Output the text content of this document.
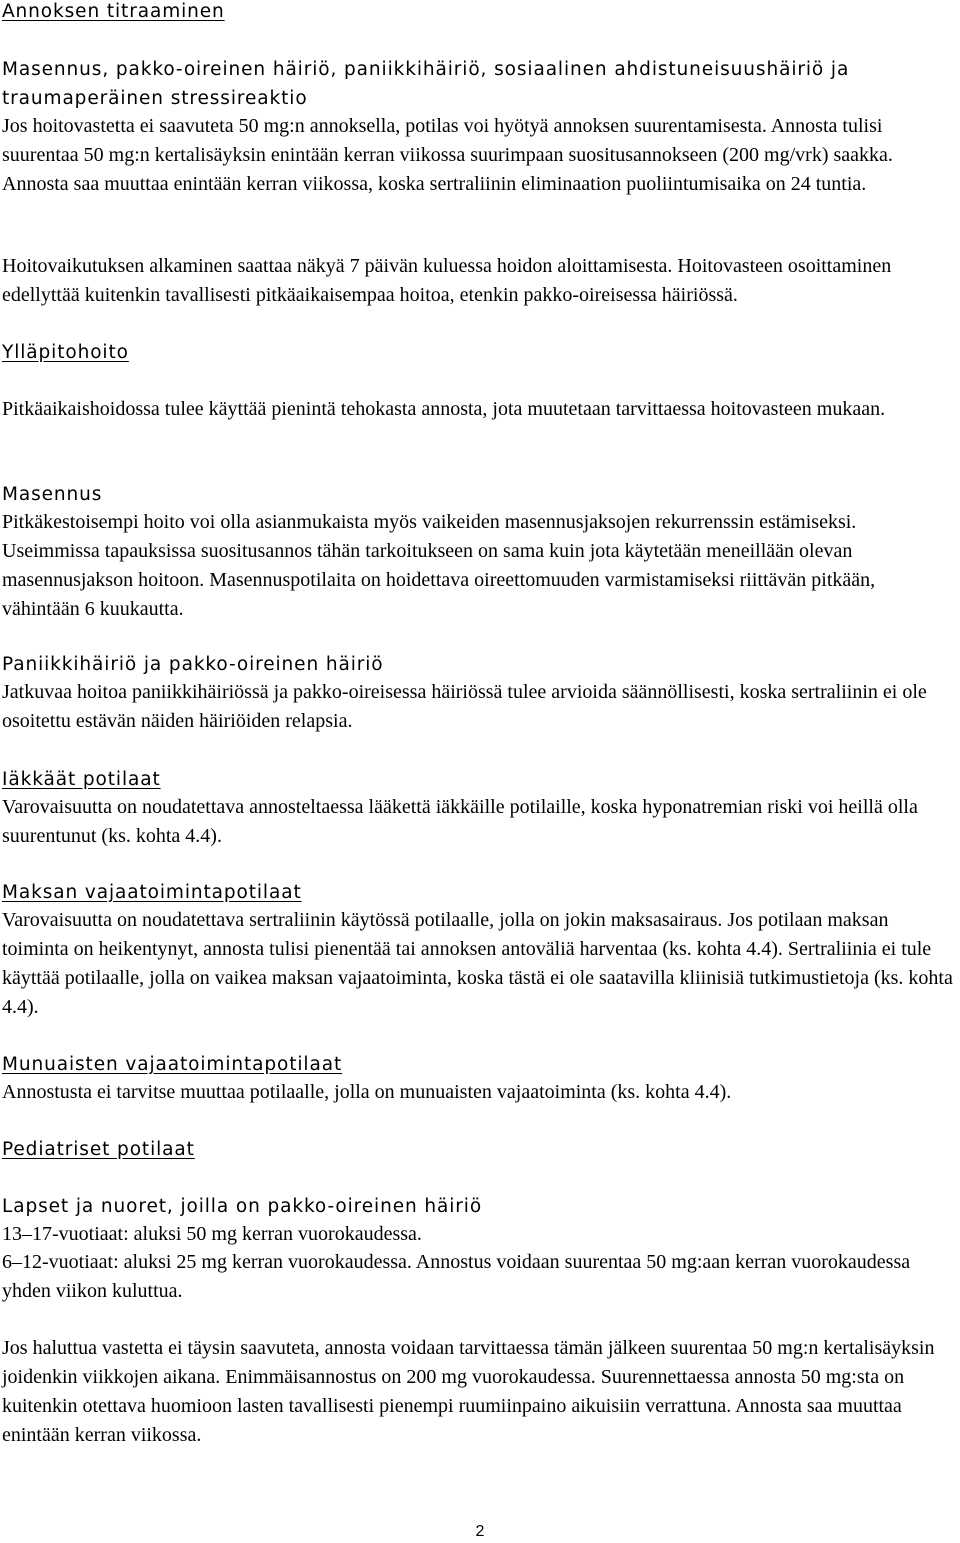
Annoksen titraaminen
Masennus, pakko-oireinen häiriö, paniikkihäiriö, sosiaalinen ahdistuneisuushäiriö ja traumaperäinen stressireaktio

Jos hoitovastetta ei saavuteta 50 mg:n annoksella, potilas voi hyötyä annoksen suurentamisesta. Annosta tulisi suurentaa 50 mg:n kertalisäyksin enintään kerran viikossa suurimpaan suositusannokseen (200 mg/vrk) saakka. Annosta saa muuttaa enintään kerran viikossa, koska sertraliinin eliminaation puoliintumisaika on 24 tuntia.

Hoitovaikutuksen alkaminen saattaa näkyä 7 päivän kuluessa hoidon aloittamisesta. Hoitovasteen osoittaminen edellyttää kuitenkin tavallisesti pitkäaikaisempaa hoitoa, etenkin pakko-oireisessa häiriössä.

Ylläpitohoito

Pitkäaikaishoidossa tulee käyttää pienintä tehokasta annosta, jota muutetaan tarvittaessa hoitovasteen mukaan.

Masennus

Pitkäkestoisempi hoito voi olla asianmukaista myös vaikeiden masennusjaksojen rekurrenssin estämiseksi. Useimmissa tapauksissa suositusannos tähän tarkoitukseen on sama kuin jota käytetään meneillään olevan masennusjakson hoitoon. Masennuspotilaita on hoidettava oireettomuuden varmistamiseksi riittävän pitkään, vähintään 6 kuukautta.

Paniikkihäiriö ja pakko-oireinen häiriö

Jatkuvaa hoitoa paniikkihäiriössä ja pakko-oireisessa häiriössä tulee arvioida säännöllisesti, koska sertraliinin ei ole osoitettu estävän näiden häiriöiden relapsia.

Iäkkäät potilaat

Varovaisuutta on noudatettava annosteltaessa lääkettä iäkkäille potilaille, koska hyponatremian riski voi heillä olla suurentunut (ks. kohta 4.4).

Maksan vajaatoimintapotilaat

Varovaisuutta on noudatettava sertraliinin käytössä potilaalle, jolla on jokin maksasairaus. Jos potilaan maksan toiminta on heikentynyt, annosta tulisi pienentää tai annoksen antoväliä harventaa (ks. kohta 4.4). Sertraliinia ei tule käyttää potilaalle, jolla on vaikea maksan vajaatoiminta, koska tästä ei ole saatavilla kliinisiä tutkimustietoja (ks. kohta 4.4).

Munuaisten vajaatoimintapotilaat

Annostusta ei tarvitse muuttaa potilaalle, jolla on munuaisten vajaatoiminta (ks. kohta 4.4).

Pediatriset potilaat
Lapset ja nuoret, joilla on pakko-oireinen häiriö

13–17-vuotiaat: aluksi 50 mg kerran vuorokaudessa.

6–12-vuotiaat: aluksi 25 mg kerran vuorokaudessa. Annostus voidaan suurentaa 50 mg:aan kerran vuorokaudessa yhden viikon kuluttua.

Jos haluttua vastetta ei täysin saavuteta, annosta voidaan tarvittaessa tämän jälkeen suurentaa 50 mg:n kertalisäyksin joidenkin viikkojen aikana. Enimmäisannostus on 200 mg vuorokaudessa. Suurennettaessa annosta 50 mg:sta on kuitenkin otettava huomioon lasten tavallisesti pienempi ruumiinpaino aikuisiin verrattuna. Annosta saa muuttaa enintään kerran viikossa.

2
